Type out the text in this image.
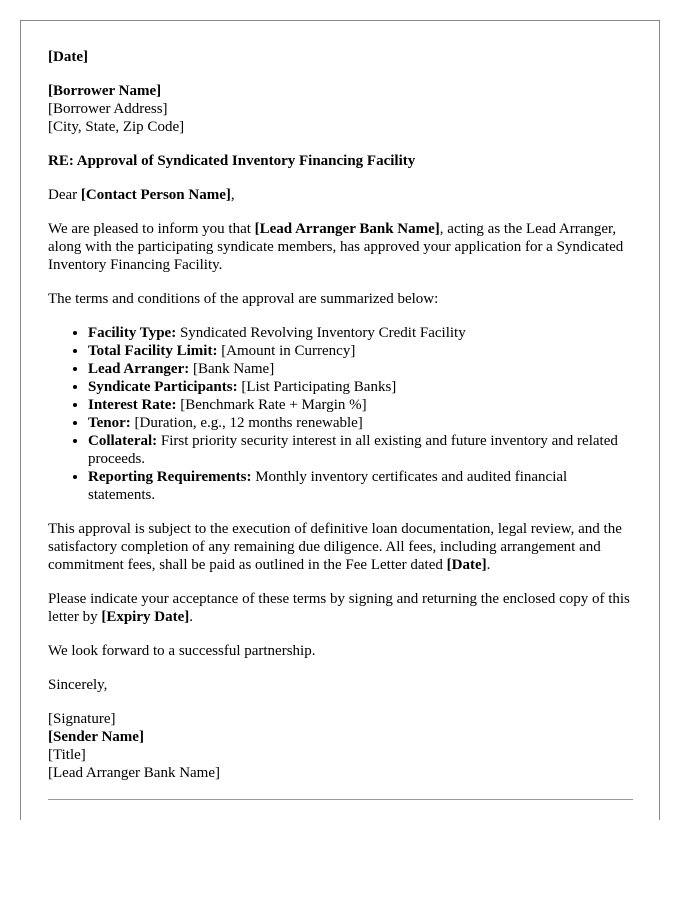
[Date]

[Borrower Name]
[Borrower Address]
[City, State, Zip Code]

RE: Approval of Syndicated Inventory Financing Facility

Dear [Contact Person Name],

We are pleased to inform you that [Lead Arranger Bank Name], acting as the Lead Arranger, along with the participating syndicate members, has approved your application for a Syndicated Inventory Financing Facility.

The terms and conditions of the approval are summarized below:

• Facility Type: Syndicated Revolving Inventory Credit Facility
• Total Facility Limit: [Amount in Currency]
• Lead Arranger: [Bank Name]
• Syndicate Participants: [List Participating Banks]
• Interest Rate: [Benchmark Rate + Margin %]
• Tenor: [Duration, e.g., 12 months renewable]
• Collateral: First priority security interest in all existing and future inventory and related proceeds.
• Reporting Requirements: Monthly inventory certificates and audited financial statements.

This approval is subject to the execution of definitive loan documentation, legal review, and the satisfactory completion of any remaining due diligence. All fees, including arrangement and commitment fees, shall be paid as outlined in the Fee Letter dated [Date].

Please indicate your acceptance of these terms by signing and returning the enclosed copy of this letter by [Expiry Date].

We look forward to a successful partnership.

Sincerely,

[Signature]
[Sender Name]
[Title]
[Lead Arranger Bank Name]
